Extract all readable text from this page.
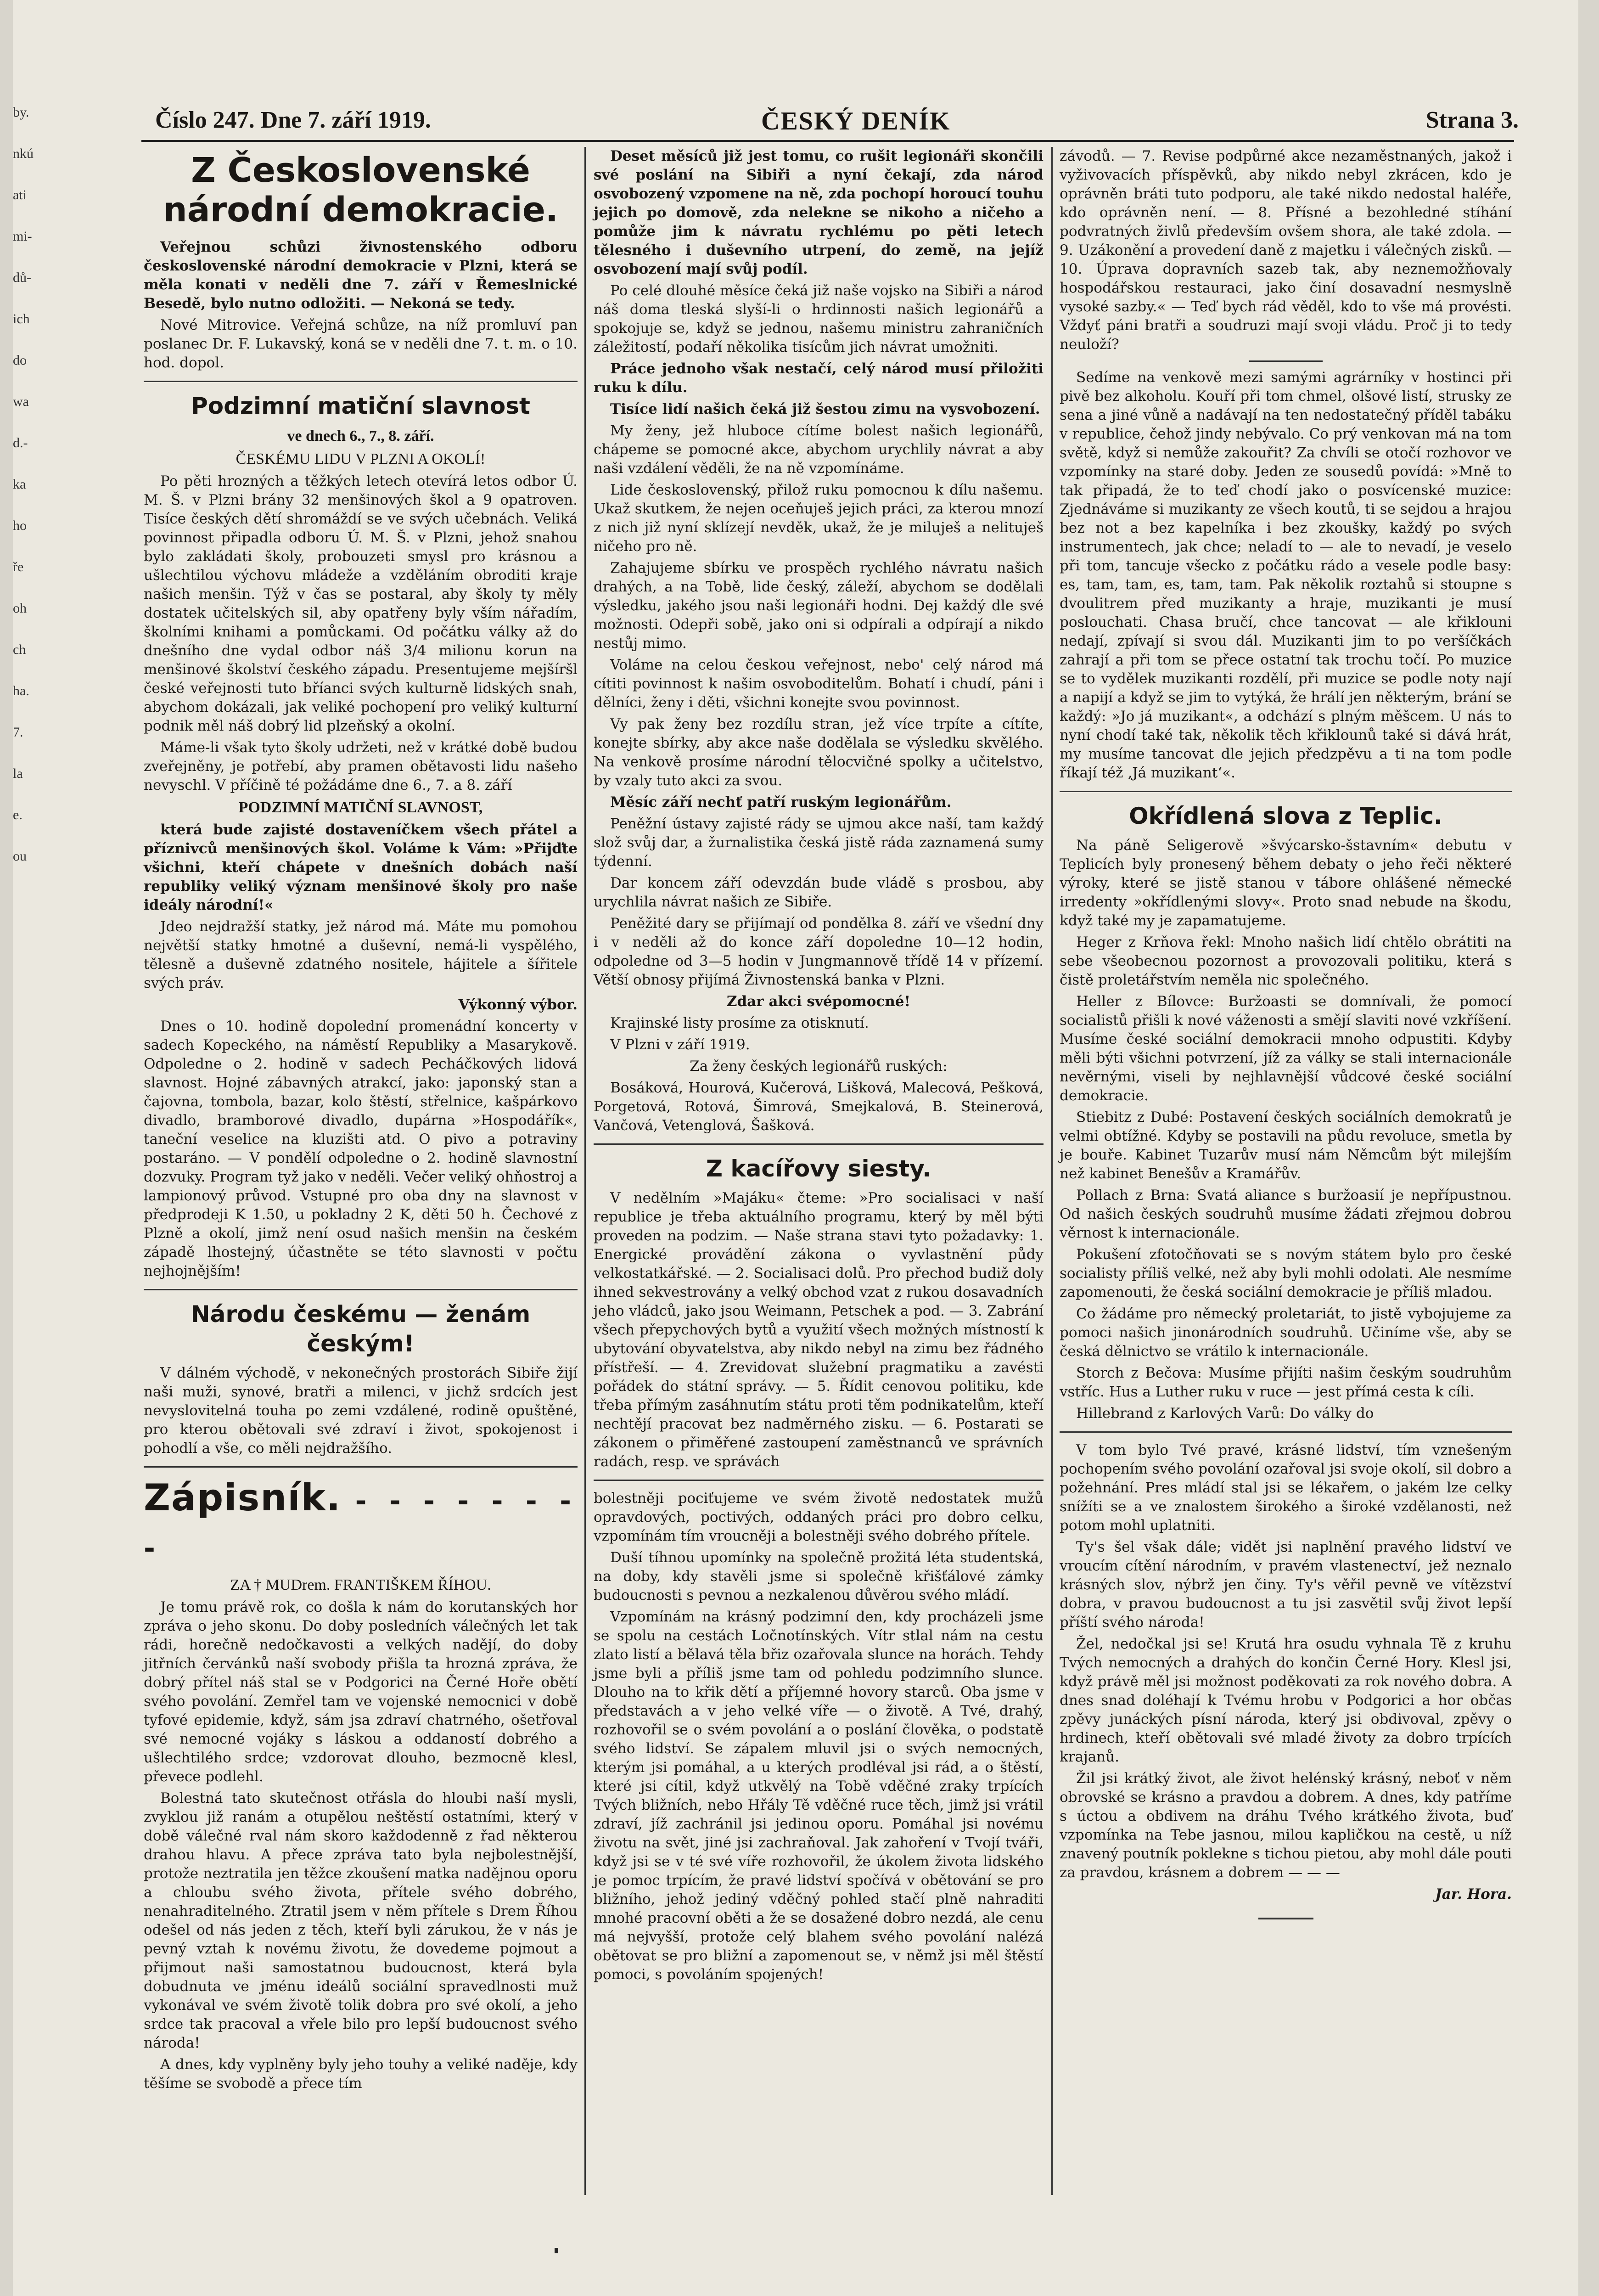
by.
nkú
ati
mi-
dů-
ich
do
wa
d.-
ka
ho
ře
oh
ch
ha.
7.
la
e.
ou
Číslo 247. Dne 7. září 1919.	ČESKÝ DENÍK	Strana 3.
Z Československé národní demokracie.

Veřejnou schůzi živnostenského odboru československé národní demokracie v Plzni, která se měla konati v neděli dne 7. září v Řemeslnické Besedě, bylo nutno odložiti. — Nekoná se tedy.

Nové Mitrovice. Veřejná schůze, na níž promluví pan poslanec Dr. F. Lukavský, koná se v neděli dne 7. t. m. o 10. hod. dopol.

Podzimní matiční slavnost
ve dnech 6., 7., 8. září.
ČESKÉMU LIDU V PLZNI A OKOLÍ!

Po pěti hrozných a těžkých letech otevírá letos odbor Ú. M. Š. v Plzni brány 32 menšinových škol a 9 opatroven. Tisíce českých dětí shromáždí se ve svých učebnách. Veliká povinnost připadla odboru Ú. M. Š. v Plzni, jehož snahou bylo zakládati školy, probouzeti smysl pro krásnou a ušlechtilou výchovu mládeže a vzděláním obroditi kraje našich menšin. Týž v čas se postaral, aby školy ty měly dostatek učitelských sil, aby opatřeny byly vším nářadím, školními knihami a pomůckami. Od počátku války až do dnešního dne vydal odbor náš 3/4 milionu korun na menšinové školství českého západu. Presentujeme mejšíršl české veřejnosti tuto bříanci svých kulturně lidských snah, abychom dokázali, jak veliké pochopení pro veliký kulturní podnik měl náš dobrý lid plzeňský a okolní.

Máme-li však tyto školy udržeti, než v krátké době budou zveřejněny, je potřebí, aby pramen obětavosti lidu našeho nevyschl. V příčině té požádáme dne 6., 7. a 8. září

PODZIMNÍ MATIČNÍ SLAVNOST,

která bude zajisté dostaveníčkem všech přátel a příznivců menšinových škol. Voláme k Vám: »Přijďte všichni, kteří chápete v dnešních dobách naší republiky veliký význam menšinové školy pro naše ideály národní!«

Jdeo nejdražší statky, jež národ má. Máte mu pomohou největší statky hmotné a duševní, nemá-li vyspělého, tělesně a duševně zdatného nositele, hájitele a šířitele svých práv.

Výkonný výbor.

Dnes o 10. hodině dopolední promenádní koncerty v sadech Kopeckého, na náměstí Republiky a Masarykově. Odpoledne o 2. hodině v sadech Pecháčkových lidová slavnost. Hojné zábavných atrakcí, jako: japonský stan a čajovna, tombola, bazar, kolo štěstí, střelnice, kašpárkovo divadlo, bramborové divadlo, dupárna »Hospodářík«, taneční veselice na kluzišti atd. O pivo a potraviny postaráno. — V pondělí odpoledne o 2. hodině slavnostní dozvuky. Program tyž jako v neděli. Večer veliký ohňostroj a lampionový průvod. Vstupné pro oba dny na slavnost v předprodeji K 1.50, u pokladny 2 K, děti 50 h. Čechové z Plzně a okolí, jimž není osud našich menšin na českém západě lhostejný, účastněte se této slavnosti v počtu nejhojnějším!

Národu českému — ženám českým!

V dálném východě, v nekonečných prostorách Sibiře žijí naši muži, synové, bratři a milenci, v jichž srdcích jest nevyslovitelná touha po zemi vzdálené, rodině opuštěné, pro kterou obětovali své zdraví i život, spokojenost i pohodlí a vše, co měli nejdražšího.

Zápisník. - - - - - - - -
ZA † MUDrem. FRANTIŠKEM ŘÍHOU.

Je tomu právě rok, co došla k nám do korutanských hor zpráva o jeho skonu. Do doby posledních válečných let tak rádi, horečně nedočkavosti a velkých nadějí, do doby jitřních červánků naší svobody přišla ta hrozná zpráva, že dobrý přítel náš stal se v Podgorici na Černé Hoře obětí svého povolání. Zemřel tam ve vojenské nemocnici v době tyfové epidemie, když, sám jsa zdraví chatrného, ošetřoval své nemocné vojáky s láskou a oddaností dobrého a ušlechtilého srdce; vzdorovat dlouho, bezmocně klesl, převece podlehl.

Bolestná tato skutečnost otřásla do hloubi naší mysli, zvyklou již ranám a otupělou neštěstí ostatními, který v době válečné rval nám skoro každodenně z řad některou drahou hlavu. A přece zpráva tato byla nejbolestnější, protože neztratila jen těžce zkoušení matka nadějnou oporu a chloubu svého života, přítele svého dobrého, nenahraditelného. Ztratil jsem v něm přítele s Drem Říhou odešel od nás jeden z těch, kteří byli zárukou, že v nás je pevný vztah k novému životu, že dovedeme pojmout a přijmout naši samostatnou budoucnost, která byla dobudnuta ve jménu ideálů sociální spravedlnosti muž vykonával ve svém životě tolik dobra pro své okolí, a jeho srdce tak pracoval a vřele bilo pro lepší budoucnost svého národa!

A dnes, kdy vyplněny byly jeho touhy a veliké naděje, kdy těšíme se svobodě a přece tím

Deset měsíců již jest tomu, co rušit legionáři skončili své poslání na Sibiři a nyní čekají, zda národ osvobozený vzpomene na ně, zda pochopí horoucí touhu jejich po domově, zda nelekne se nikoho a ničeho a pomůže jim k návratu rychlému po pěti letech tělesného i duševního utrpení, do země, na jejíž osvobození mají svůj podíl.

Po celé dlouhé měsíce čeká již naše vojsko na Sibiři a národ náš doma tleská slyší-li o hrdinnosti našich legionářů a spokojuje se, když se jednou, našemu ministru zahraničních záležitostí, podaří několika tisícům jich návrat umožniti.

Práce jednoho však nestačí, celý národ musí přiložiti ruku k dílu.

Tisíce lidí našich čeká již šestou zimu na vysvobození.

My ženy, jež hluboce cítíme bolest našich legionářů, chápeme se pomocné akce, abychom urychlily návrat a aby naši vzdálení věděli, že na ně vzpomínáme.

Lide československý, přilož ruku pomocnou k dílu našemu. Ukaž skutkem, že nejen oceňuješ jejich práci, za kterou mnozí z nich již nyní sklízejí nevděk, ukaž, že je miluješ a nelituješ ničeho pro ně.

Zahajujeme sbírku ve prospěch rychlého návratu našich drahých, a na Tobě, lide český, záleží, abychom se dodělali výsledku, jakého jsou naši legionáři hodni. Dej každý dle své možnosti. Odepři sobě, jako oni si odpírali a odpírají a nikdo nestůj mimo.

Voláme na celou českou veřejnost, nebo' celý národ má cítiti povinnost k našim osvoboditelům. Bohatí i chudí, páni i dělníci, ženy i děti, všichni konejte svou povinnost.

Vy pak ženy bez rozdílu stran, jež více trpíte a cítíte, konejte sbírky, aby akce naše dodělala se výsledku skvělého. Na venkově prosíme národní tělocvičné spolky a učitelstvo, by vzaly tuto akci za svou.

Měsíc září nechť patří ruským legionářům.

Peněžní ústavy zajisté rády se ujmou akce naší, tam každý slož svůj dar, a žurnalistika česká jistě ráda zaznamená sumy týdenní.

Dar koncem září odevzdán bude vládě s prosbou, aby urychlila návrat našich ze Sibiře.

Peněžité dary se přijímají od pondělka 8. září ve všední dny i v neděli až do konce září dopoledne 10—12 hodin, odpoledne od 3—5 hodin v Jungmannově třídě 14 v přízemí. Větší obnosy přijímá Živnostenská banka v Plzni.

Zdar akci svépomocné!

Krajinské listy prosíme za otisknutí.

V Plzni v září 1919.

Za ženy českých legionářů ruských:

Bosáková, Hourová, Kučerová, Lišková, Malecová, Pešková, Porgetová, Rotová, Šimrová, Smejkalová, B. Steinerová, Vančová, Vetenglová, Šašková.

Z kacířovy siesty.

V nedělním »Majáku« čteme: »Pro socialisaci v naší republice je třeba aktuálního programu, který by měl býti proveden na podzim. — Naše strana stavi tyto požadavky: 1. Energické provádění zákona o vyvlastnění půdy velkostatkářské. — 2. Socialisaci dolů. Pro přechod budiž doly ihned sekvestrovány a velký obchod vzat z rukou dosavadních jeho vládců, jako jsou Weimann, Petschek a pod. — 3. Zabrání všech přepychových bytů a využití všech možných místností k ubytování obyvatelstva, aby nikdo nebyl na zimu bez řádného přístřeší. — 4. Zrevidovat služební pragmatiku a zavésti pořádek do státní správy. — 5. Řídit cenovou politiku, kde třeba přímým zasáhnutím státu proti těm podnikatelům, kteří nechtějí pracovat bez nadměrného zisku. — 6. Postarati se zákonem o přiměřené zastoupení zaměstnanců ve správních radách, resp. ve správách

bolestněji pociťujeme ve svém životě nedostatek mužů opravdových, poctivých, oddaných práci pro dobro celku, vzpomínám tím vroucněji a bolestněji svého dobrého přítele.

Duší tíhnou upomínky na společně prožitá léta studentská, na doby, kdy stavěli jsme si společně křišťálové zámky budoucnosti s pevnou a nezkalenou důvěrou svého mládí.

Vzpomínám na krásný podzimní den, kdy procházeli jsme se spolu na cestách Ločnotínských. Vítr stlal nám na cestu zlato listí a bělavá těla břiz ozařovala slunce na horách. Tehdy jsme byli a příliš jsme tam od pohledu podzimního slunce. Dlouho na to křik dětí a příjemné hovory starců. Oba jsme v představách a v jeho velké víře — o životě. A Tvé, drahý, rozhovořil se o svém povolání a o poslání člověka, o podstatě svého lidství. Se zápalem mluvil jsi o svých nemocných, kterým jsi pomáhal, a u kterých prodléval jsi rád, a o štěstí, které jsi cítil, když utkvělý na Tobě vděčné zraky trpících Tvých bližních, nebo Hřály Tě vděčné ruce těch, jimž jsi vrátil zdraví, jíž zachránil jsi jedinou oporu. Pomáhal jsi novému životu na svět, jiné jsi zachraňoval. Jak zahoření v Tvojí tváři, když jsi se v té své víře rozhovořil, že úkolem života lidského je pomoc trpícím, že pravé lidství spočívá v obětování se pro bližního, jehož jediný vděčný pohled stačí plně nahraditi mnohé pracovní oběti a že se dosažené dobro nezdá, ale cenu má nejvyšší, protože celý blahem svého povolání nalézá obětovat se pro bližní a zapomenout se, v němž jsi měl štěstí pomoci, s povoláním spojených!

závodů. — 7. Revise podpůrné akce nezaměstnaných, jakož i vyživovacích příspěvků, aby nikdo nebyl zkrácen, kdo je oprávněn bráti tuto podporu, ale také nikdo nedostal haléře, kdo oprávněn není. — 8. Přísné a bezohledné stíhání podvratných živlů především ovšem shora, ale také zdola. — 9. Uzákonění a provedení daně z majetku i válečných zisků. — 10. Úprava dopravních sazeb tak, aby neznemožňovaly hospodářskou restauraci, jako činí dosavadní nesmyslně vysoké sazby.« — Teď bych rád věděl, kdo to vše má provésti. Vždyť páni bratři a soudruzi mají svoji vládu. Proč ji to tedy neuloží?

Sedíme na venkově mezi samými agrárníky v hostinci při pivě bez alkoholu. Kouří při tom chmel, olšové listí, strusky ze sena a jiné vůně a nadávají na ten nedostatečný příděl tabáku v republice, čehož jindy nebývalo. Co prý venkovan má na tom světě, když si nemůže zakouřit? Za chvíli se otočí rozhovor ve vzpomínky na staré doby. Jeden ze sousedů povídá: »Mně to tak připadá, že to teď chodí jako o posvícenské muzice: Zjednáváme si muzikanty ze všech koutů, ti se sejdou a hrajou bez not a bez kapelníka i bez zkoušky, každý po svých instrumentech, jak chce; neladí to — ale to nevadí, je veselo při tom, tancuje všecko z počátku rádo a vesele podle basy: es, tam, tam, es, tam, tam. Pak několik roztahů si stoupne s dvoulitrem před muzikanty a hraje, muzikanti je musí poslouchati. Chasa bručí, chce tancovat — ale křiklouni nedají, zpívají si svou dál. Muzikanti jim to po veršíčkách zahrají a při tom se přece ostatní tak trochu točí. Po muzice se to vydělek muzikanti rozdělí, při muzice se podle noty nají a napijí a když se jim to vytýká, že hrálí jen některým, brání se každý: »Jo já muzikant«, a odchází s plným měšcem. U nás to nyní chodí také tak, několik těch křiklounů také si dává hrát, my musíme tancovat dle jejich předzpěvu a ti na tom podle říkají též ‚Já muzikant‘«.

Okřídlená slova z Teplic.

Na páně Seligerově »švýcarsko-šstavním« debutu v Teplicích byly pronesený během debaty o jeho řeči některé výroky, které se jistě stanou v tábore ohlášené německé irredenty »okřídlenými slovy«. Proto snad nebude na škodu, když také my je zapamatujeme.

Heger z Krňova řekl: Mnoho našich lidí chtělo obrátiti na sebe všeobecnou pozornost a provozovali politiku, která s čistě proletářstvím neměla nic společného.

Heller z Bílovce: Buržoasti se domnívali, že pomocí socialistů přišli k nové váženosti a smějí slaviti nové vzkříšení. Musíme české sociální demokracii mnoho odpustiti. Kdyby měli býti všichni potvrzení, jíž za války se stali internacionále nevěrnými, viseli by nejhlavnější vůdcové české sociální demokracie.

Stiebitz z Dubé: Postavení českých sociálních demokratů je velmi obtížné. Kdyby se postavili na půdu revoluce, smetla by je bouře. Kabinet Tuzarův musí nám Němcům být milejším než kabinet Benešův a Kramářův.

Pollach z Brna: Svatá aliance s buržoasií je nepřípustnou. Od našich českých soudruhů musíme žádati zřejmou dobrou věrnost k internacionále.

Pokušení zfotočňovati se s novým státem bylo pro české socialisty příliš velké, než aby byli mohli odolati. Ale nesmíme zapomenouti, že česká sociální demokracie je příliš mladou.

Co žádáme pro německý proletariát, to jistě vybojujeme za pomoci našich jinonárodních soudruhů. Učiníme vše, aby se česká dělnictvo se vrátilo k internacionále.

Storch z Bečova: Musíme přijíti našim českým soudruhům vstříc. Hus a Luther ruku v ruce — jest přímá cesta k cíli.

Hillebrand z Karlových Varů: Do války do

V tom bylo Tvé pravé, krásné lidství, tím vznešeným pochopením svého povolání ozařoval jsi svoje okolí, sil dobro a požehnání. Pres mládí stal jsi se lékařem, o jakém lze celky snížíti se a ve znalostem širokého a široké vzdělanosti, než potom mohl uplatniti.

Ty's šel však dále; vidět jsi naplnění pravého lidství ve vroucím cítění národním, v pravém vlastenectví, jež neznalo krásných slov, nýbrž jen činy. Ty's věřil pevně ve vítězství dobra, v pravou budoucnost a tu jsi zasvětil svůj život lepší příští svého národa!

Žel, nedočkal jsi se! Krutá hra osudu vyhnala Tě z kruhu Tvých nemocných a drahých do končin Černé Hory. Klesl jsi, když právě měl jsi možnost poděkovati za rok nového dobra. A dnes snad doléhají k Tvému hrobu v Podgorici a hor občas zpěvy junáckých písní národa, který jsi obdivoval, zpěvy o hrdinech, kteří obětovali své mladé životy za dobro trpících krajanů.

Žil jsi krátký život, ale život helénský krásný, neboť v něm obrovské se krásno a pravdou a dobrem. A dnes, kdy patříme s úctou a obdivem na dráhu Tvého krátkého života, buď vzpomínka na Tebe jasnou, milou kapličkou na cestě, u níž znavený poutník poklekne s tichou pietou, aby mohl dále pouti za pravdou, krásnem a dobrem — — —

Jar. Hora.
